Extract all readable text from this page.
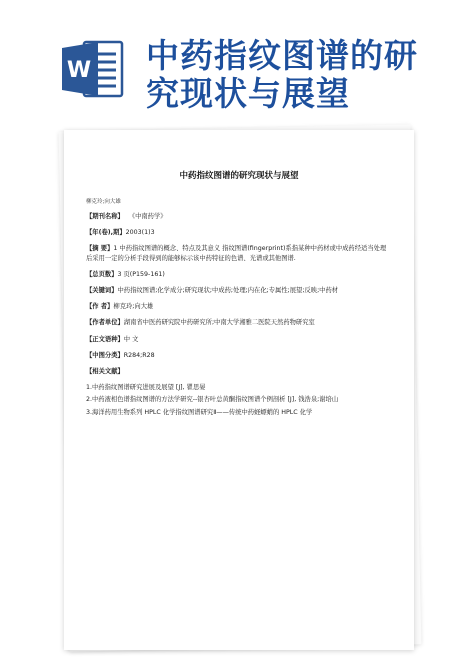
W 中药指纹图谱的研
究现状与展望
中药指纹图谱的研究现状与展望
柳克玲;向大雄
【期刊名称】 《中南药学》
【年(卷),期】2003(1)3
【摘 要】1 中药指纹图谱的概念、特点及其意义 指纹图谱(fingerprint)系指某种中药材或中成药经适当处理后采用一定的分析手段得到的能够标示该中药特征的色谱、光谱或其他图谱.
【总页数】3 页(P159-161)
【关键词】中药指纹图谱;化学成分;研究现状;中成药;处理;内在化;专属性;展望;反映;中药材
【作 者】柳克玲;向大雄
【作者单位】湖南省中医药研究院中药研究所;中南大学湘雅二医院天然药物研究室
【正文语种】中 文
【中图分类】R284;R28
【相关文献】
1.中药指纹图谱研究进展及展望 [J], 瞿思晏
2.中药液相色谱指纹图谱的方法学研究--银杏叶总黄酮指纹图谱个例剖析 [J], 钱浩泉;谢培山
3.海洋药用生物系列 HPLC 化学指纹图谱研究Ⅱ——传统中药蛏螵蛸的 HPLC 化学
